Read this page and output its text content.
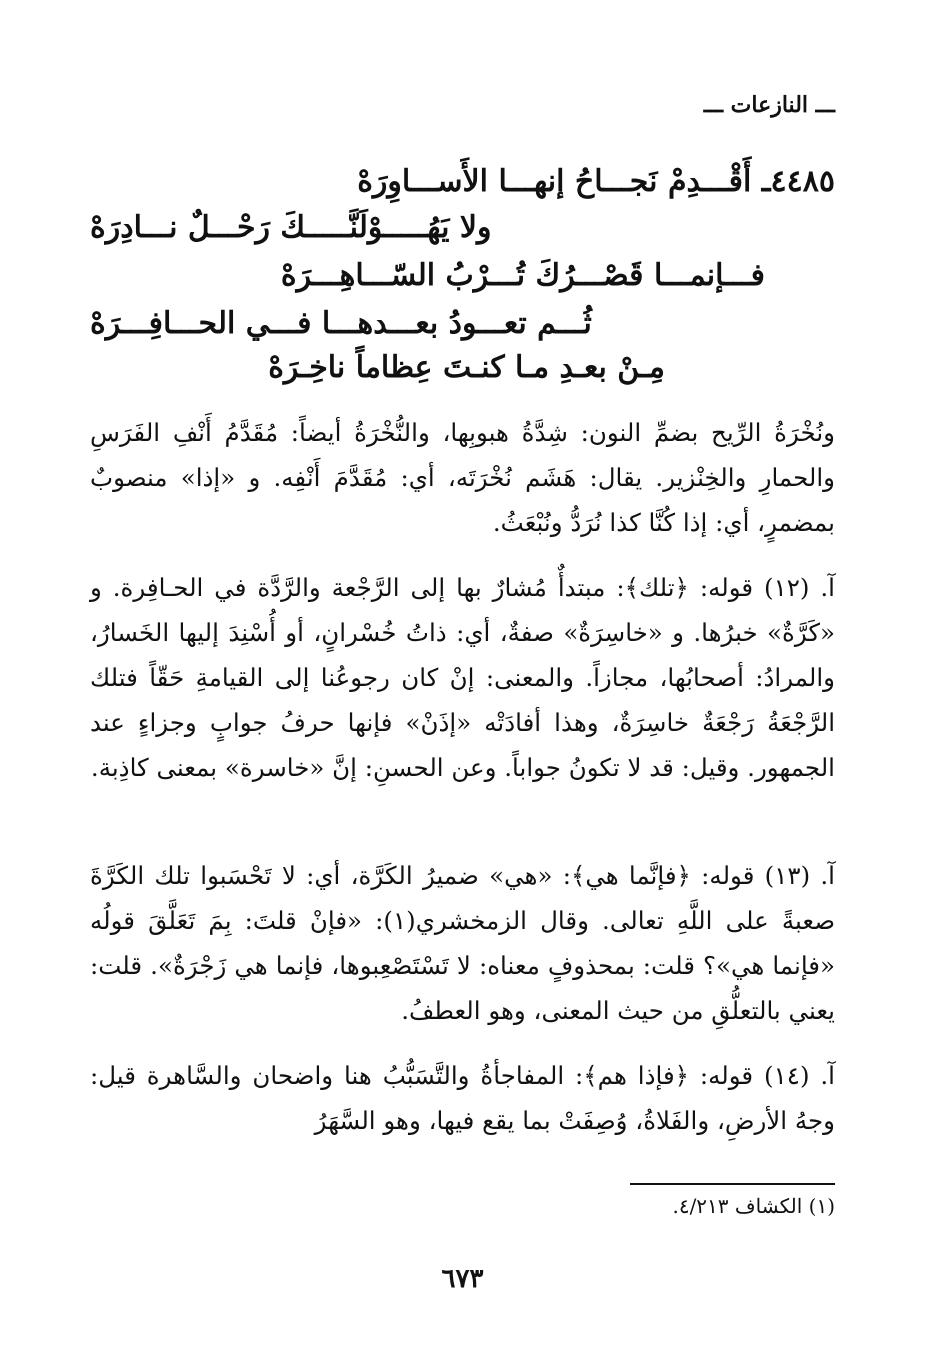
ـــ النازعات ـــ
٤٤٨٥ـ أَقْـــدِمْ نَجـــاحُ إنهـــا الأَســـاوِرَهْ
ولا يَهُـــــوْلَنَّـــــكَ رَحْـــلٌ نـــادِرَهْ
فـــإنمـــا قَصْـــرُكَ تُـــرْبُ السّـــاهِـــرَهْ
ثُـــم تعـــودُ بعـــدهـــا فـــي الحـــافِـــرَهْ
مِـنْ بعـدِ مـا كنـتَ عِظاماً ناخِـرَهْ
ونُخْرَةُ الرِّيح بضمِّ النون: شِدَّةُ هبوبِها، والنُّخْرَةُ أيضاً: مُقَدَّمُ أَنْفِ الفَرَسِ والحمارِ والخِنْزير. يقال: هَشَم نُخْرَتَه، أي: مُقَدَّمَ أَنْفِه. و «إذا» منصوبٌ بمضمرٍ، أي: إذا كُنَّا كذا نُرَدُّ ونُبْعَثُ.
آ. (١٢) قوله: ﴿تلك﴾: مبتدأٌ مُشارٌ بها إلى الرَّجْعة والرَّدَّة في الحـافِرة. و «كَرَّةٌ» خبرُها. و «خاسِرَةٌ» صفةٌ، أي: ذاتُ خُسْرانٍ، أو أُسْنِدَ إليها الخَسارُ، والمرادُ: أصحابُها، مجازاً. والمعنى: إنْ كان رجوعُنا إلى القيامةِ حَقّاً فتلك الرَّجْعَةُ رَجْعَةٌ خاسِرَةٌ، وهذا أفادَتْه «إذَنْ» فإنها حرفُ جوابٍ وجزاءٍ عند الجمهور. وقيل: قد لا تكونُ جواباً. وعن الحسنِ: إنَّ «خاسرة» بمعنى كاذِبة.
آ. (١٣) قوله: ﴿فإنَّما هي﴾: «هي» ضميرُ الكَرَّة، أي: لا تَحْسَبوا تلك الكَرَّةَ صعبةً على اللَّهِ تعالى. وقال الزمخشري(١): «فإنْ قلتَ: بِمَ تَعَلَّقَ قولُه «فإنما هي»؟ قلت: بمحذوفٍ معناه: لا تَسْتَصْعِبوها، فإنما هي زَجْرَةٌ». قلت: يعني بالتعلُّقِ من حيث المعنى، وهو العطفُ.
آ. (١٤) قوله: ﴿فإذا هم﴾: المفاجأةُ والتَّسَبُّبُ هنا واضحان والسَّاهرة قيل: وجهُ الأرضِ، والفَلاةُ، وُصِفَتْ بما يقع فيها، وهو السَّهَرُ
(١) الكشاف ٤/٢١٣.
٦٧٣
